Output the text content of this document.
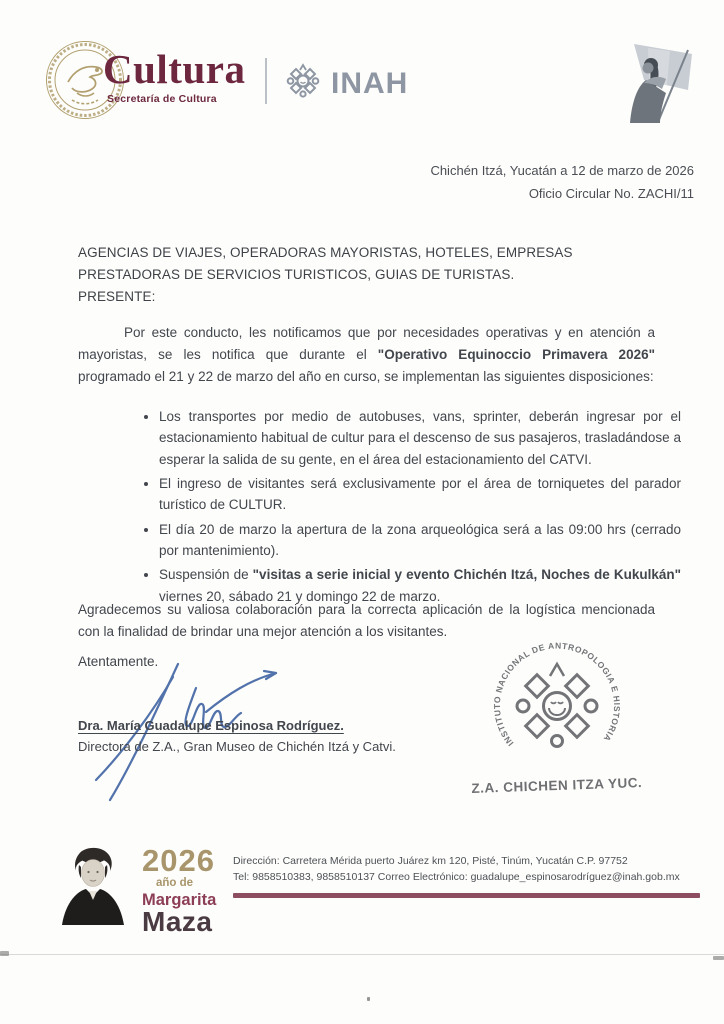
Cultura
Secretaría de Cultura	INAH
Chichén Itzá, Yucatán a 12 de marzo de 2026
Oficio Circular No. ZACHI/11
AGENCIAS DE VIAJES, OPERADORAS MAYORISTAS, HOTELES, EMPRESAS
PRESTADORAS DE SERVICIOS TURISTICOS, GUIAS DE TURISTAS.
PRESENTE:
Por este conducto, les notificamos que por necesidades operativas y en atención a mayoristas, se les notifica que durante el "Operativo Equinoccio Primavera 2026" programado el 21 y 22 de marzo del año en curso, se implementan las siguientes disposiciones:
• Los transportes por medio de autobuses, vans, sprinter, deberán ingresar por el estacionamiento habitual de cultur para el descenso de sus pasajeros, trasladándose a esperar la salida de su gente, en el área del estacionamiento del CATVI.
• El ingreso de visitantes será exclusivamente por el área de torniquetes del parador turístico de CULTUR.
• El día 20 de marzo la apertura de la zona arqueológica será a las 09:00 hrs (cerrado por mantenimiento).
• Suspensión de "visitas a serie inicial y evento Chichén Itzá, Noches de Kukulkán" viernes 20, sábado 21 y domingo 22 de marzo.
Agradecemos su valiosa colaboración para la correcta aplicación de la logística mencionada con la finalidad de brindar una mejor atención a los visitantes.
Atentamente.
Dra. María Guadalupe Espinosa Rodríguez.
Directora de Z.A., Gran Museo de Chichén Itzá y Catvi.	INSTITUTO NACIONAL DE ANTROPOLOGIA E HISTORIA
Z.A. CHICHEN ITZA YUC.
2026
año de
Margarita
Maza
Dirección: Carretera Mérida puerto Juárez km 120, Pisté, Tinúm, Yucatán C.P. 97752
Tel: 9858510383, 9858510137 Correo Electrónico: guadalupe_espinosarodríguez@inah.gob.mx
